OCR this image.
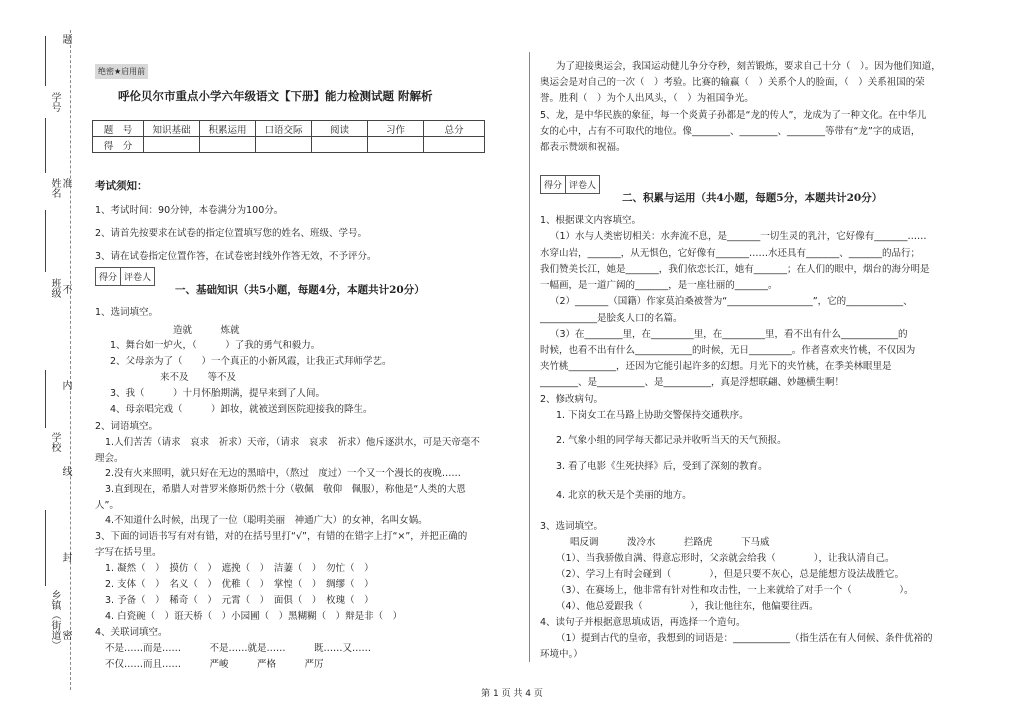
学号
姓名
班级
学校
乡镇（街道）
题
准
不
内
线
封
密
绝密★启用前
呼伦贝尔市重点小学六年级语文【下册】能力检测试题 附解析
题　号	知识基础	积累运用	口语交际	阅读	习作	总分
得　分						
考试须知：
1、考试时间：90分钟，本卷满分为100分。
2、请首先按要求在试卷的指定位置填写您的姓名、班级、学号。
3、请在试卷指定位置作答，在试卷密封线外作答无效，不予评分。
得分 评卷人
一、基础知识（共5小题，每题4分，本题共计20分）
1、选词填空。
造就　　　炼就
1、舞台如一炉火，（　　　）了我的勇气和毅力。
2、父母亲为了（　　）一个真正的小新风霞，让我正式拜师学艺。
来不及　　等不及
3、我（　　　）十月怀胎期满，提早来到了人间。
4、母亲唱完戏（　　　）卸妆，就被送到医院迎接我的降生。
2、词语填空。
1.人们苦苦（请求　哀求　祈求）天帝，（请求　哀求　祈求）他斥逐洪水，可是天帝毫不
理会。
2.没有火来照明，就只好在无边的黑暗中，（熬过　度过）一个又一个漫长的夜晚……
3.直到现在，希腊人对普罗米修斯仍然十分（敬佩　敬仰　佩服），称他是“人类的大恩
人”。
4.不知道什么时候，出现了一位（聪明美丽　神通广大）的女神，名叫女娲。
3、下面的词语书写有对有错，对的在括号里打“√”，有错的在错字上打“×”，并把正确的
字写在括号里。
1. 凝然（　）　摸仿（　）　遮挽（　）　洁萋（　）　勿忙（　）
2. 支体（　）　名义（　）　优稚（　）　掌惶（　）　绸缪（　）
3. 予备（　）　稀奇（　）　元霄（　）　面俱（　）　枚瑰（　）
4. 白瓷碗（　）诳天桥（　）小园圃（　）黑糊糊（　）辩是非（　）
4、关联词填空。
不是……而是……　　　不是……就是……　　　既……又……
不仅……而且……　　　严峻　　　严格　　　严厉
为了迎接奥运会，我国运动健儿争分夺秒，刻苦锻炼，要求自己十分（　）。因为他们知道，
奥运会是对自己的一次（　）考验。比赛的输赢（　）关系个人的脸面，（　）关系祖国的荣
誉。胜利（　）为个人出风头，（　）为祖国争光。
5、龙，是中华民族的象征，每一个炎黄子孙都是“龙的传人”，龙成为了一种文化。在中华儿
女的心中，占有不可取代的地位。像________、________、________等带有“龙”字的成语，
都表示赞颂和祝福。
得分 评卷人
二、积累与运用（共4小题，每题5分，本题共计20分）
1、根据课文内容填空。
（1）水与人类密切相关：水奔流不息，是_______一切生灵的乳汁，它好像有_______……
水穿山岩，_______，从无惧色，它好像有_______……水还具有_______、_______的品行；
我们赞美长江，她是_______，我们依恋长江，她有_______；在人们的眼中，烟台的海分明是
一幅画，是一道广阔的_______，是一座壮丽的_______。
（2）_______（国籍）作家莫泊桑被誉为“__________________”，它的____________、
____________是脍炙人口的名篇。
（3）在________里，在_________里，在_________里，看不出有什么____________的
时候，也看不出有什么____________的时候，无日_________。作者喜欢夹竹桃，不仅因为
夹竹桃__________，还因为它能引起许多的幻想。月光下的夹竹桃，在季美林眼里是
________、是__________、是__________，真是浮想联翩、妙趣横生啊！
2、修改病句。
1. 下岗女工在马路上协助交警保持交通秩序。
2. 气象小组的同学每天都记录并收听当天的天气预报。
3. 看了电影《生死抉择》后，受到了深刻的教育。
4. 北京的秋天是个美丽的地方。
3、选词填空。
唱反调　　　泼冷水　　　拦路虎　　　下马威
（1）、当我骄傲自满、得意忘形时，父亲就会给我（　　　　），让我认清自己。
（2）、学习上有时会碰到（　　　　），但是只要不灰心，总是能想方设法战胜它。
（3）、在赛场上，他非常有针对性和攻击性，一上来就给了对手一个（　　　　　）。
（4）、他总爱跟我（　　　　　），我让他往东，他偏要往西。
4、读句子并根据意思填成语，再选择一个造句。
（1）提到古代的皇帝，我想到的词语是：____________（指生活在有人伺候、条件优裕的
环境中。）
第 1 页 共 4 页
